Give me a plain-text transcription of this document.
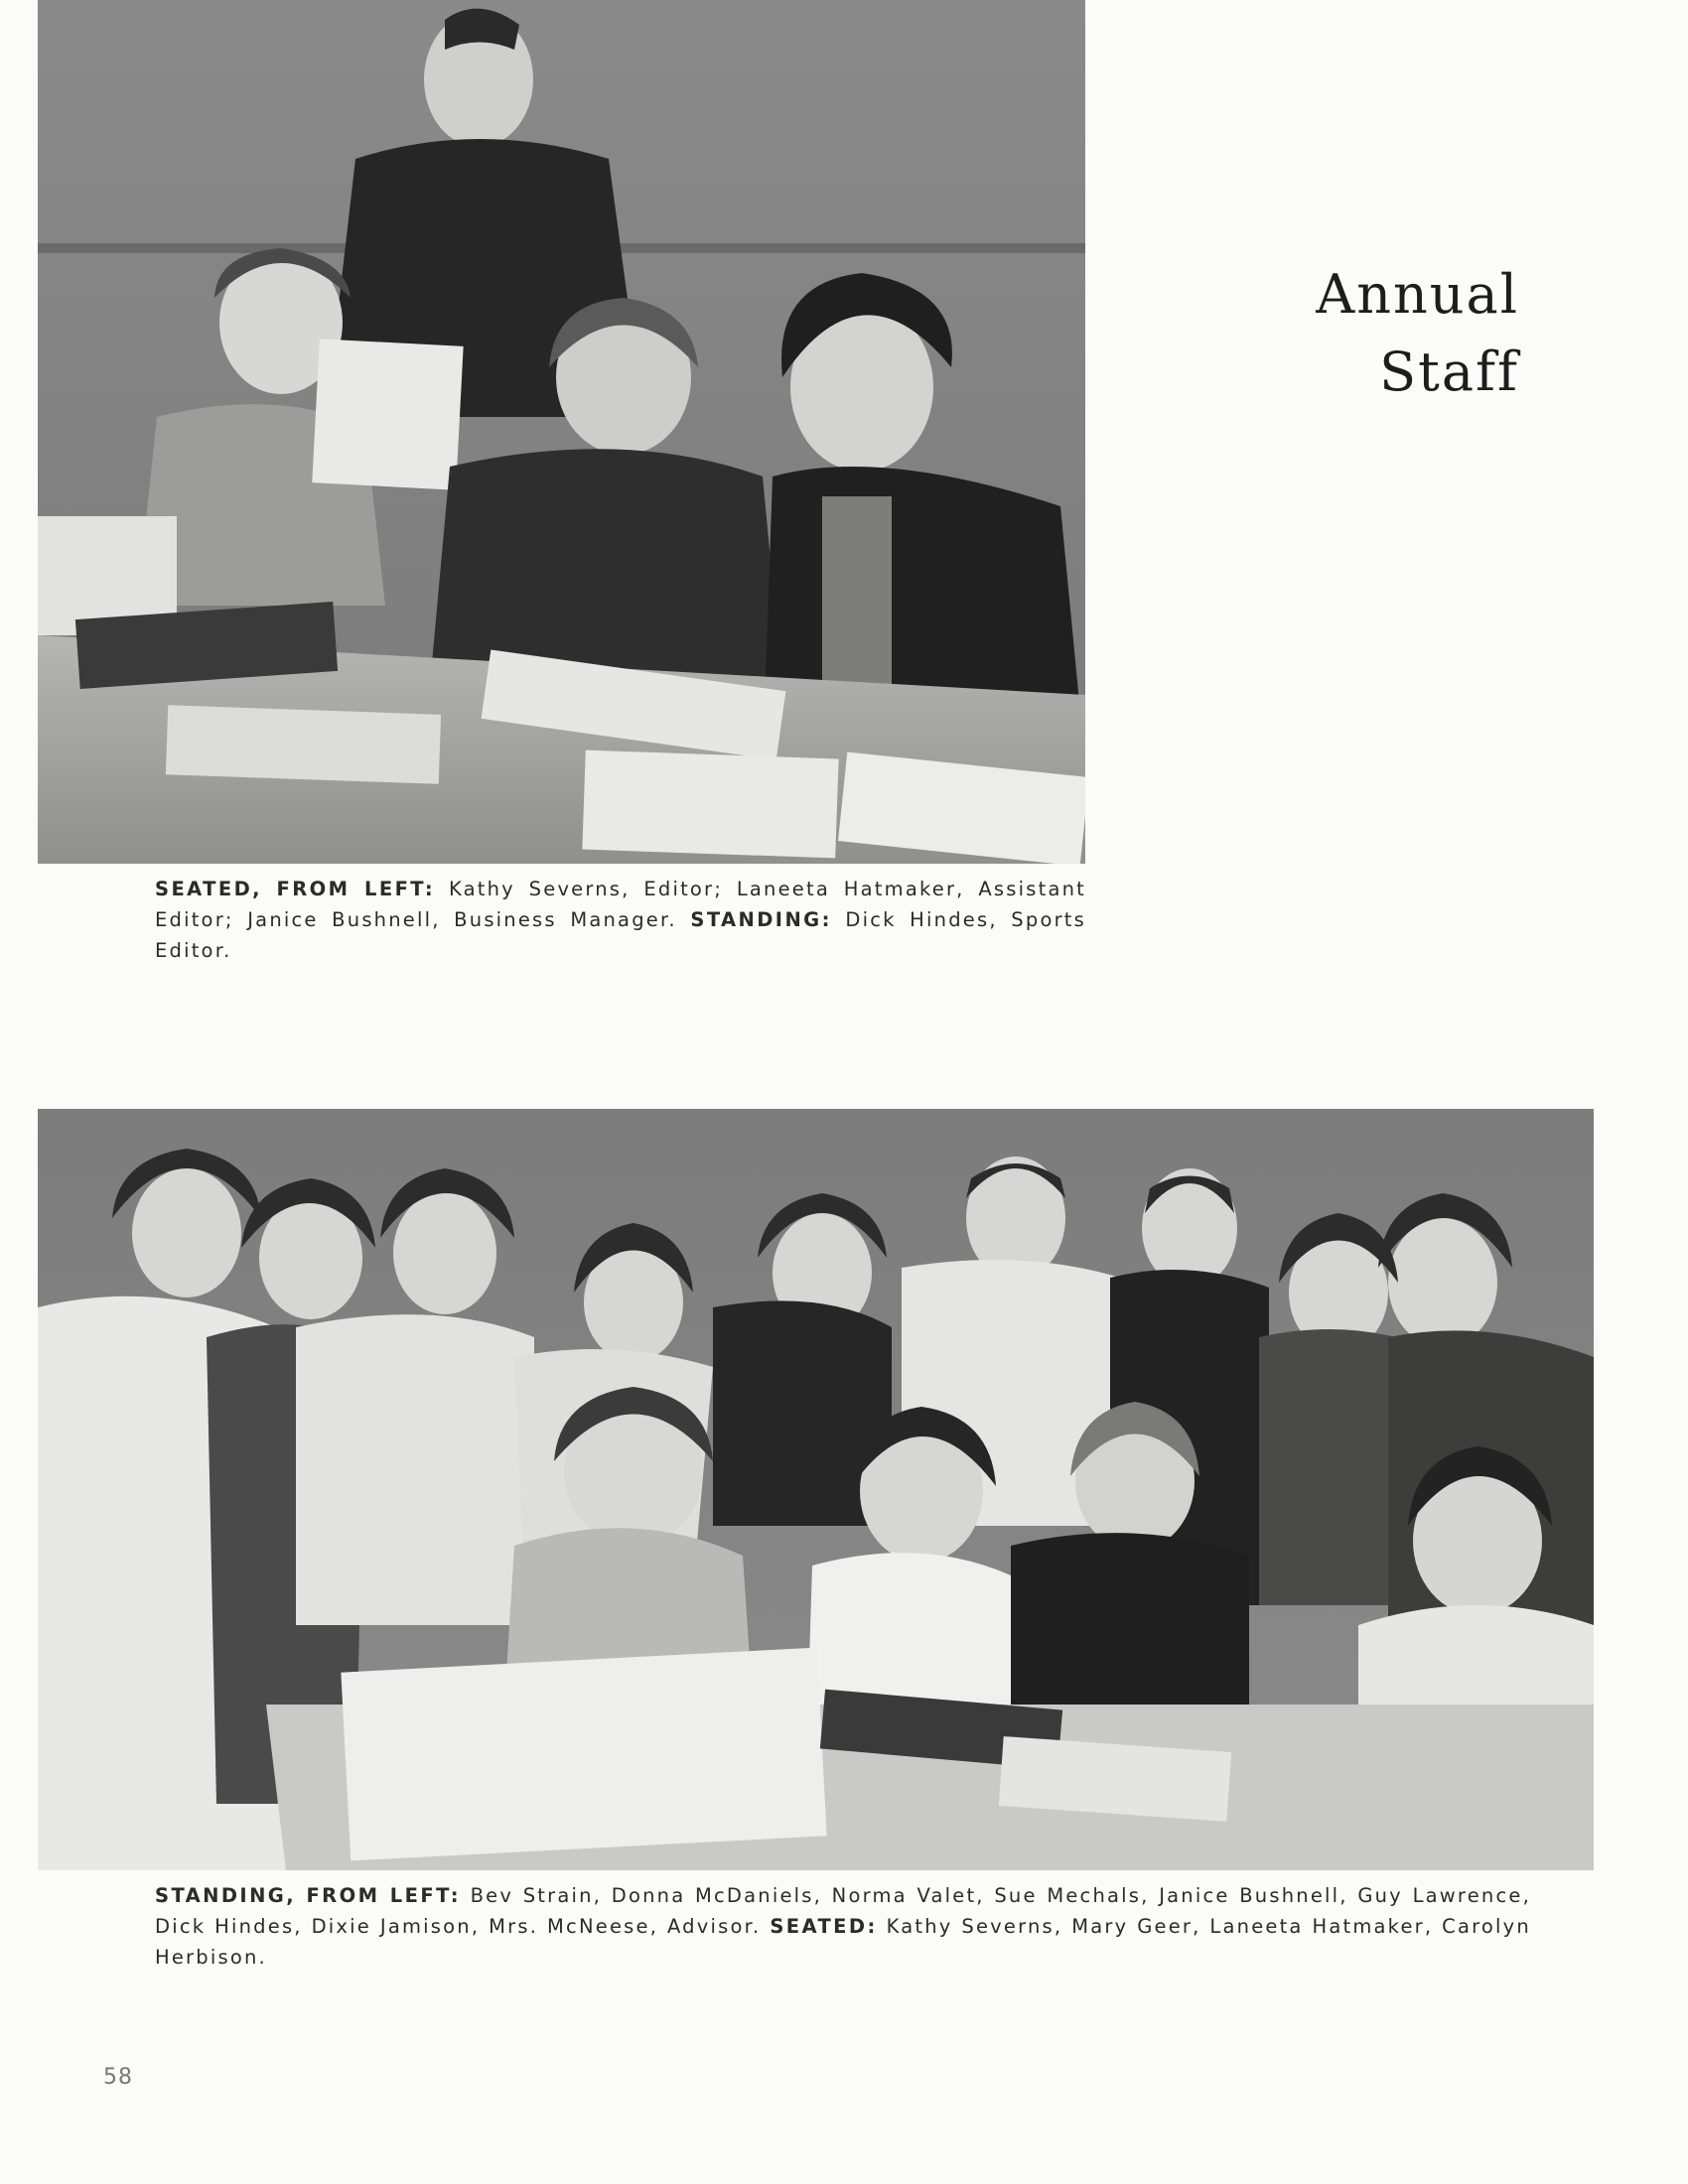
SEATED, FROM LEFT: Kathy Severns, Editor; Laneeta Hatmaker, Assistant Editor; Janice Bushnell, Business Manager. STANDING: Dick Hindes, Sports Editor.
Annual
Staff
STANDING, FROM LEFT: Bev Strain, Donna McDaniels, Norma Valet, Sue Mechals, Janice Bushnell, Guy Lawrence, Dick Hindes, Dixie Jamison, Mrs. McNeese, Advisor. SEATED: Kathy Severns, Mary Geer, Laneeta Hatmaker, Carolyn Herbison.
58
